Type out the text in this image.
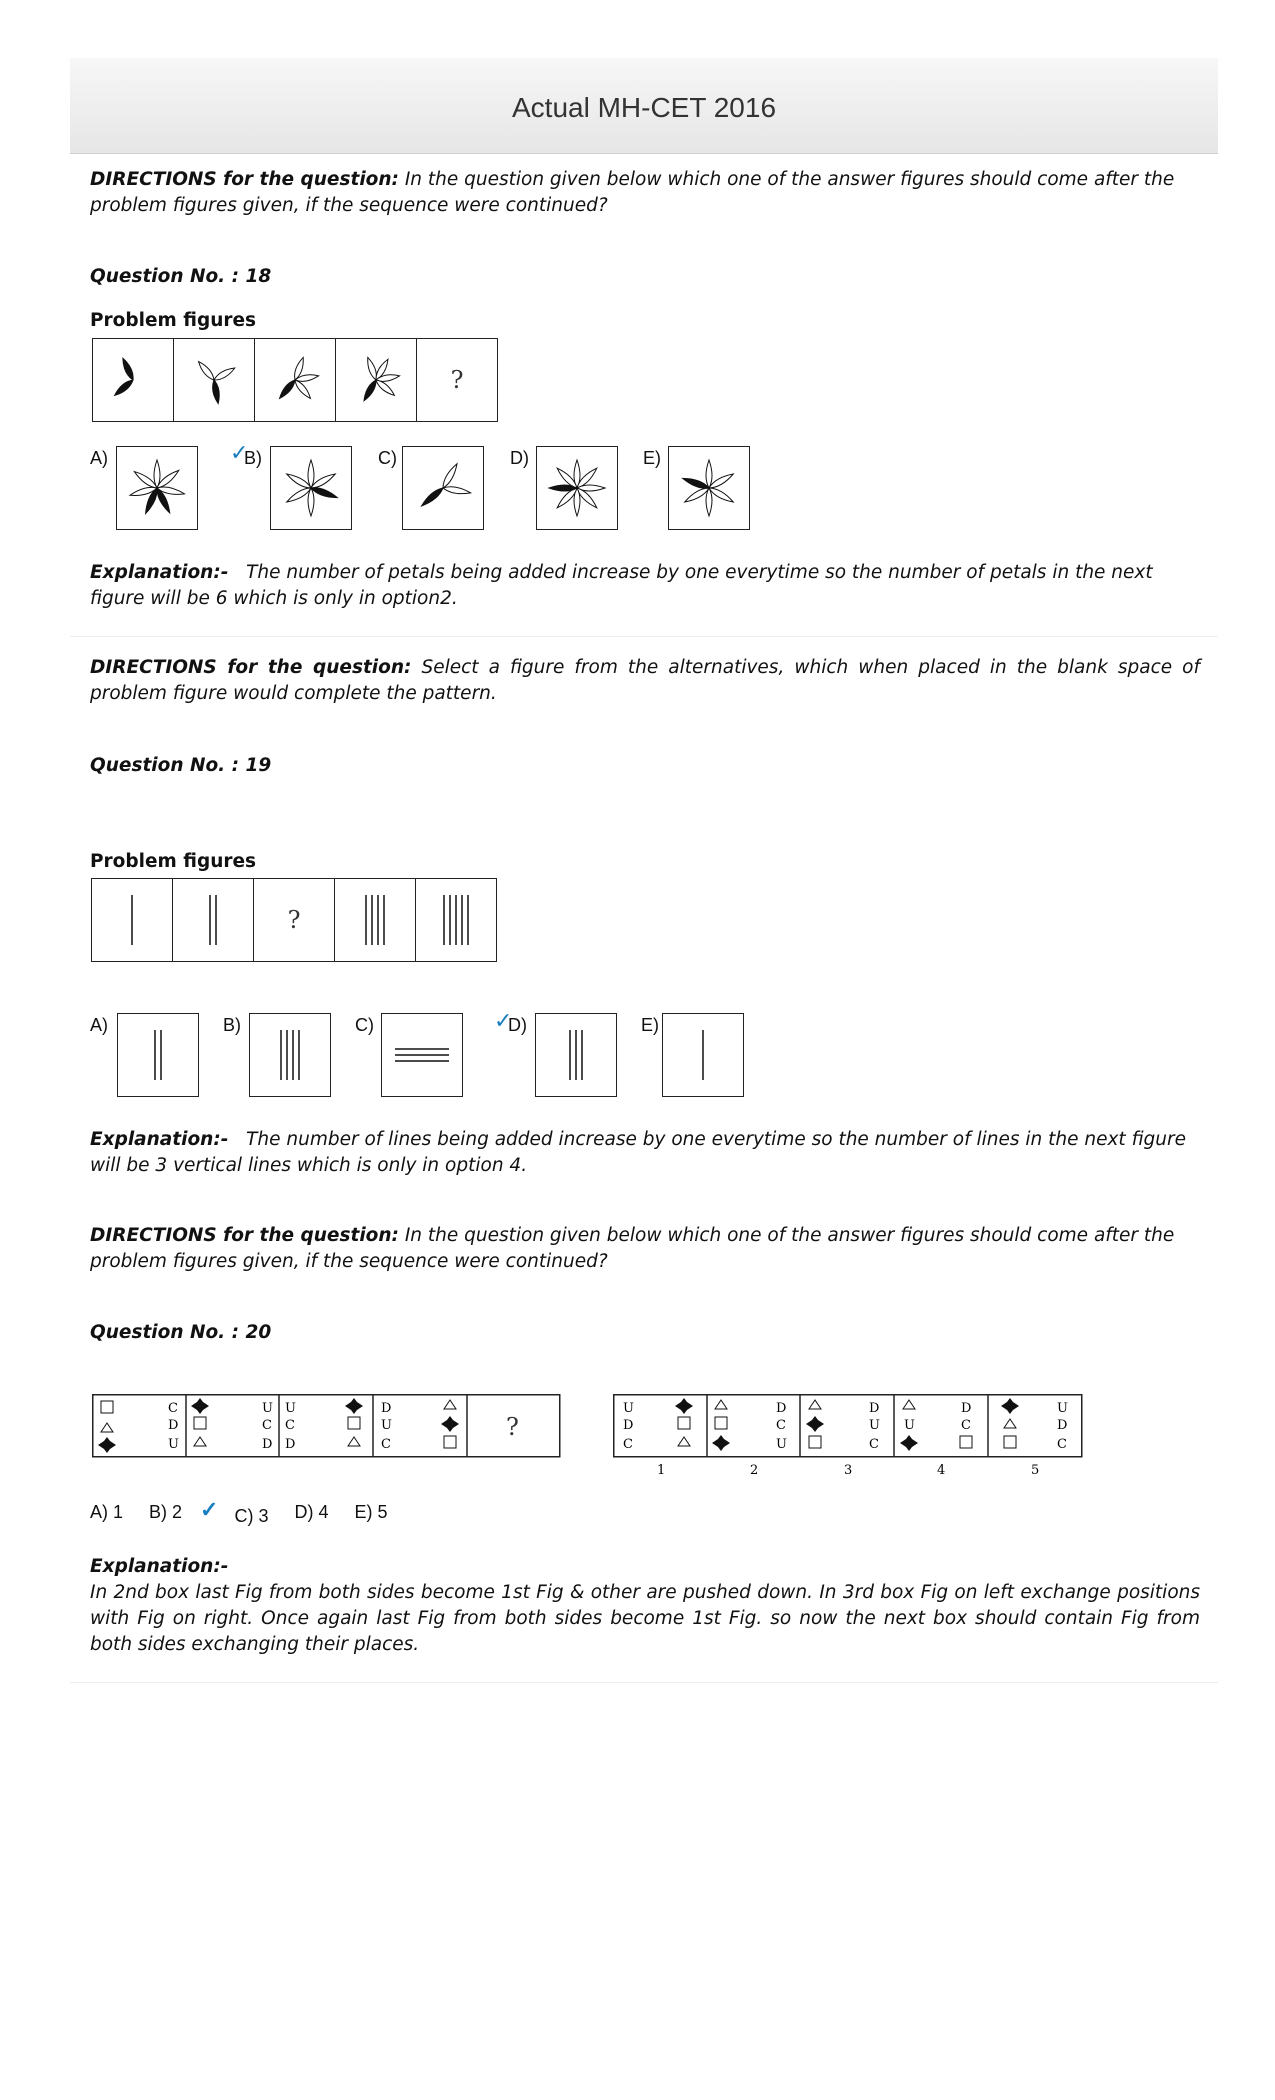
Actual MH-CET 2016
DIRECTIONS for the question: In the question given below which one of the answer figures should come after the problem figures given, if the sequence were continued?
Question No. : 18
Problem figures
?
A)	✓
B)	C)	D)	E)
Explanation:- The number of petals being added increase by one everytime so the number of petals in the next figure will be 6 which is only in option2.
DIRECTIONS for the question: Select a figure from the alternatives, which when placed in the blank space of problem figure would complete the pattern.
Question No. : 19
Problem figures
?
A)	B)	C)	✓
D)	E)
Explanation:- The number of lines being added increase by one everytime so the number of lines in the next figure will be 3 vertical lines which is only in option 4.
DIRECTIONS for the question: In the question given below which one of the answer figures should come after the problem figures given, if the sequence were continued?
Question No. : 20
C
D
U
U
C
D
U
C
D
D
U
C
?
U
D
C
D
C
U
D
U
C
U
D
C
U
D
C
1	2	3	4	5
A) 1 B) 2 ✓ C) 3 D) 4 E) 5
Explanation:-
In 2nd box last Fig from both sides become 1st Fig & other are pushed down. In 3rd box Fig on left exchange positions with Fig on right. Once again last Fig from both sides become 1st Fig. so now the next box should contain Fig from both sides exchanging their places.
